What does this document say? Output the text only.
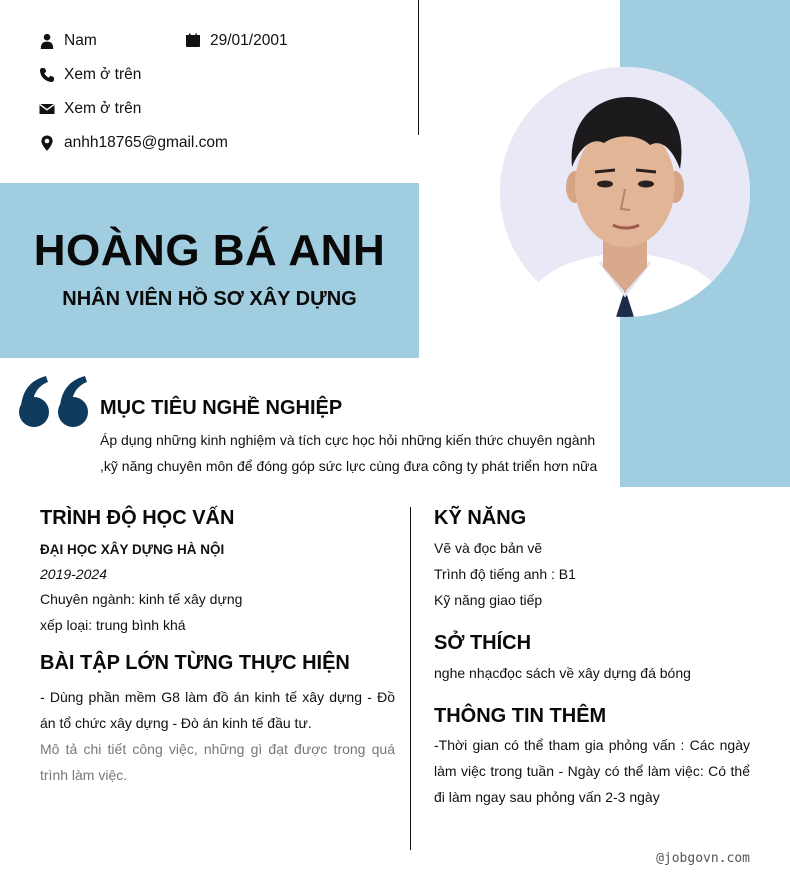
Nam	29/01/2001
Xem ở trên
Xem ở trên
anhh18765@gmail.com
HOÀNG BÁ ANH
NHÂN VIÊN HỒ SƠ XÂY DỰNG
MỤC TIÊU NGHỀ NGHIỆP
Áp dụng những kinh nghiệm và tích cực học hỏi những kiến thức chuyên ngành
,kỹ năng chuyên môn để đóng góp sức lực cùng đưa công ty phát triển hơn nữa
TRÌNH ĐỘ HỌC VẤN
ĐẠI HỌC XÂY DỰNG HÀ NỘI
2019-2024
Chuyên ngành: kinh tế xây dựng
xếp loại: trung bình khá
BÀI TẬP LỚN TỪNG THỰC HIỆN
- Dùng phần mềm G8 làm đồ án kinh tế xây dựng - Đồ án tổ chức xây dựng - Đò án kinh tế đầu tư.
Mô tả chi tiết công việc, những gì đạt được trong quá trình làm việc.
KỸ NĂNG
Vẽ và đọc bản vẽ
Trình độ tiếng anh : B1
Kỹ năng giao tiếp
SỞ THÍCH
nghe nhạcđọc sách về xây dựng đá bóng
THÔNG TIN THÊM
-Thời gian có thể tham gia phỏng vấn : Các ngày làm việc trong tuần - Ngày có thể làm việc: Có thể đi làm ngay sau phỏng vấn 2-3 ngày
@jobgovn.com
